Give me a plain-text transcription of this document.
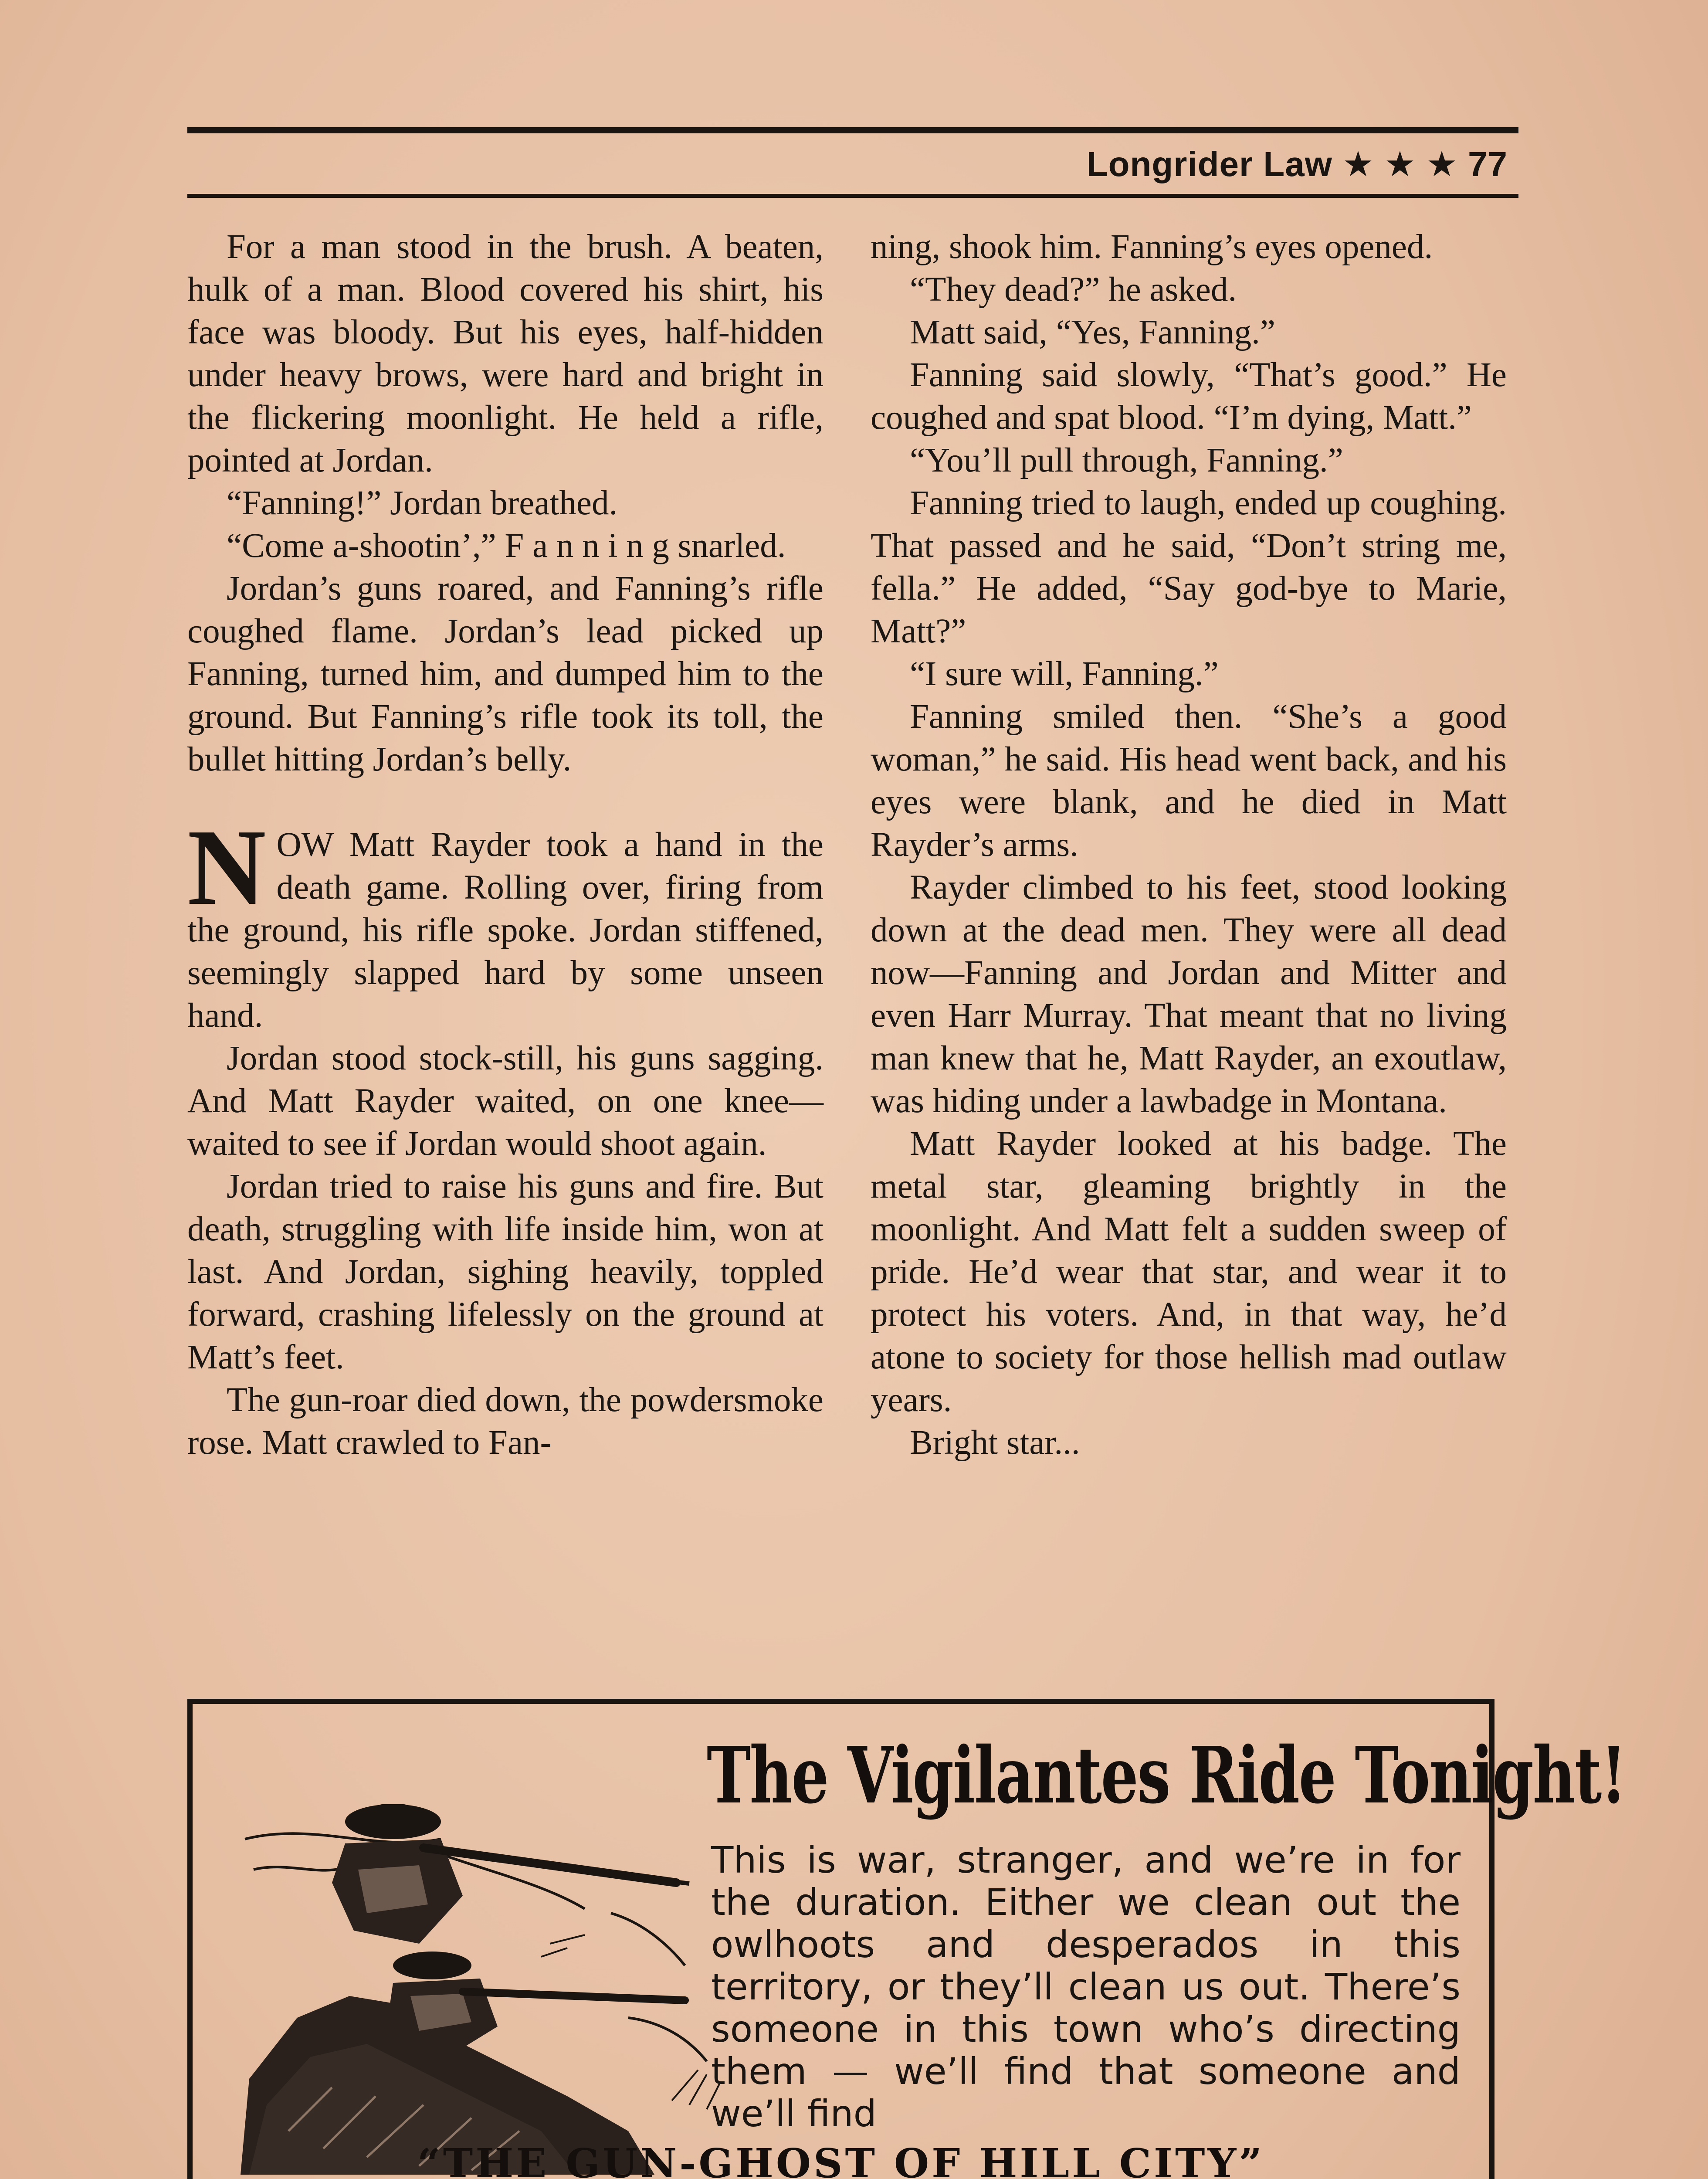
Longrider Law ★ ★ ★ 77

For a man stood in the brush. A beaten, hulk of a man. Blood covered his shirt, his face was bloody. But his eyes, half-hidden under heavy brows, were hard and bright in the flickering moonlight. He held a rifle, pointed at Jordan.

“Fanning!” Jordan breathed.

“Come a-shootin’,” F a n n i n g snarled.

Jordan’s guns roared, and Fanning’s rifle coughed flame. Jordan’s lead picked up Fanning, turned him, and dumped him to the ground. But Fanning’s rifle took its toll, the bullet hitting Jordan’s belly.

NOW Matt Rayder took a hand in the death game. Rolling over, firing from the ground, his rifle spoke. Jordan stiffened, seemingly slapped hard by some unseen hand.

Jordan stood stock-still, his guns sagging. And Matt Rayder waited, on one knee—waited to see if Jordan would shoot again.

Jordan tried to raise his guns and fire. But death, struggling with life inside him, won at last. And Jordan, sighing heavily, toppled forward, crashing lifelessly on the ground at Matt’s feet.

The gun-roar died down, the powdersmoke rose. Matt crawled to Fan-

ning, shook him. Fanning’s eyes opened.

“They dead?” he asked.

Matt said, “Yes, Fanning.”

Fanning said slowly, “That’s good.” He coughed and spat blood. “I’m dying, Matt.”

“You’ll pull through, Fanning.”

Fanning tried to laugh, ended up coughing. That passed and he said, “Don’t string me, fella.” He added, “Say god-bye to Marie, Matt?”

“I sure will, Fanning.”

Fanning smiled then. “She’s a good woman,” he said. His head went back, and his eyes were blank, and he died in Matt Rayder’s arms.

Rayder climbed to his feet, stood looking down at the dead men. They were all dead now—Fanning and Jordan and Mitter and even Harr Murray. That meant that no living man knew that he, Matt Rayder, an exoutlaw, was hiding under a lawbadge in Montana.

Matt Rayder looked at his badge. The metal star, gleaming brightly in the moonlight. And Matt felt a sudden sweep of pride. He’d wear that star, and wear it to protect his voters. And, in that way, he’d atone to society for those hellish mad outlaw years.

Bright star...

The Vigilantes Ride Tonight!
This is war, stranger, and we’re in for the duration. Either we clean out the owlhoots and desperados in this territory, or they’ll clean us out. There’s someone in this town who’s directing them — we’ll find that someone and we’ll find
“THE GUN-GHOST OF HILL CITY”
